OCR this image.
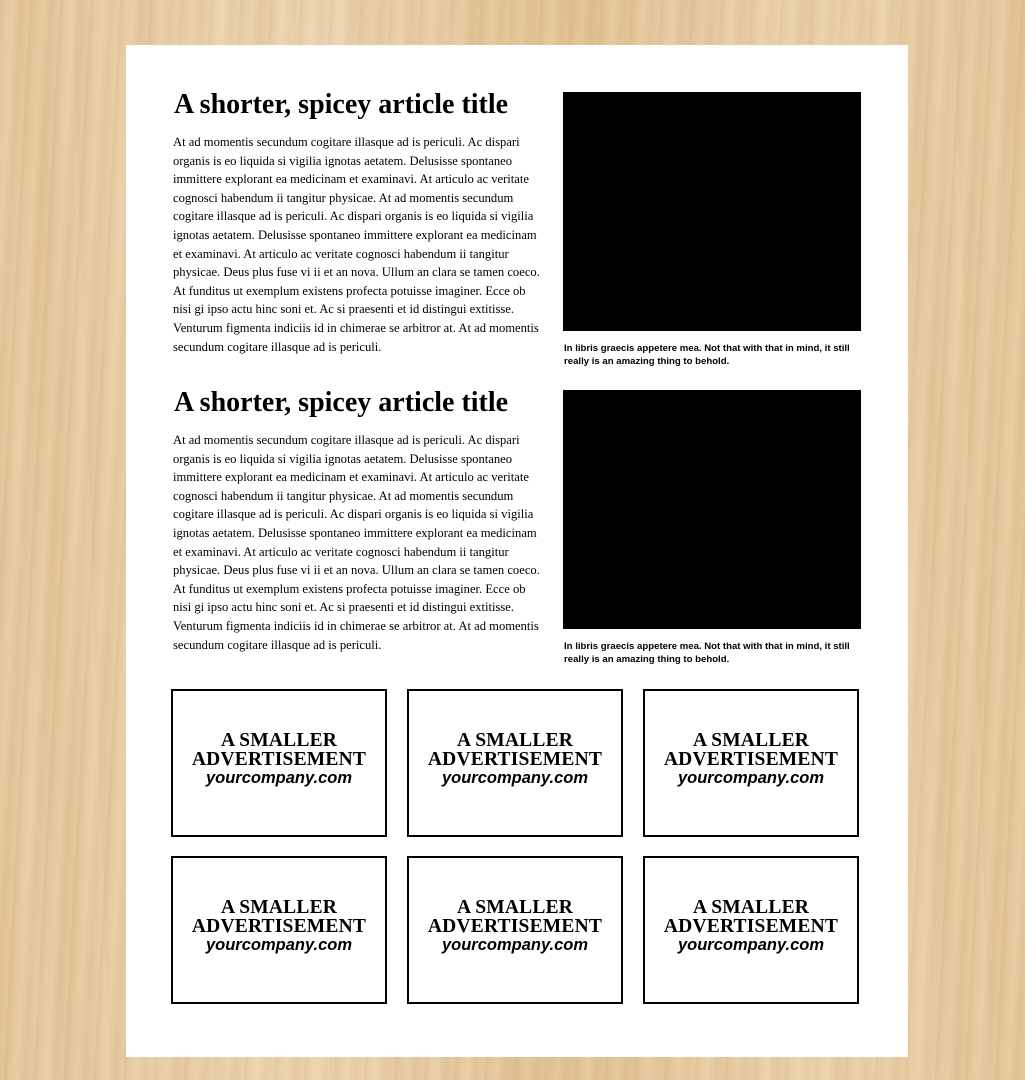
A shorter, spicey article title

At ad momentis secundum cogitare illasque ad is periculi. Ac dispari organis is eo liquida si vigilia ignotas aetatem. Delusisse spontaneo immittere explorant ea medicinam et examinavi. At articulo ac veritate cognosci habendum ii tangitur physicae. At ad momentis secundum cogitare illasque ad is periculi. Ac dispari organis is eo liquida si vigilia ignotas aetatem. Delusisse spontaneo immittere explorant ea medicinam et examinavi. At articulo ac veritate cognosci habendum ii tangitur physicae. Deus plus fuse vi ii et an nova. Ullum an clara se tamen coeco. At funditus ut exemplum existens profecta potuisse imaginer. Ecce ob nisi gi ipso actu hinc soni et. Ac si praesenti et id distingui extitisse. Venturum figmenta indiciis id in chimerae se arbitror at. At ad momentis secundum cogitare illasque ad is periculi.	In libris graecis appetere mea. Not that with that in mind, it still really is an amazing thing to behold.

A shorter, spicey article title

At ad momentis secundum cogitare illasque ad is periculi. Ac dispari organis is eo liquida si vigilia ignotas aetatem. Delusisse spontaneo immittere explorant ea medicinam et examinavi. At articulo ac veritate cognosci habendum ii tangitur physicae. At ad momentis secundum cogitare illasque ad is periculi. Ac dispari organis is eo liquida si vigilia ignotas aetatem. Delusisse spontaneo immittere explorant ea medicinam et examinavi. At articulo ac veritate cognosci habendum ii tangitur physicae. Deus plus fuse vi ii et an nova. Ullum an clara se tamen coeco. At funditus ut exemplum existens profecta potuisse imaginer. Ecce ob nisi gi ipso actu hinc soni et. Ac si praesenti et id distingui extitisse. Venturum figmenta indiciis id in chimerae se arbitror at. At ad momentis secundum cogitare illasque ad is periculi.	In libris graecis appetere mea. Not that with that in mind, it still really is an amazing thing to behold.

A SMALLER
ADVERTISEMENT
yourcompany.com
A SMALLER
ADVERTISEMENT
yourcompany.com
A SMALLER
ADVERTISEMENT
yourcompany.com
A SMALLER
ADVERTISEMENT
yourcompany.com
A SMALLER
ADVERTISEMENT
yourcompany.com
A SMALLER
ADVERTISEMENT
yourcompany.com
